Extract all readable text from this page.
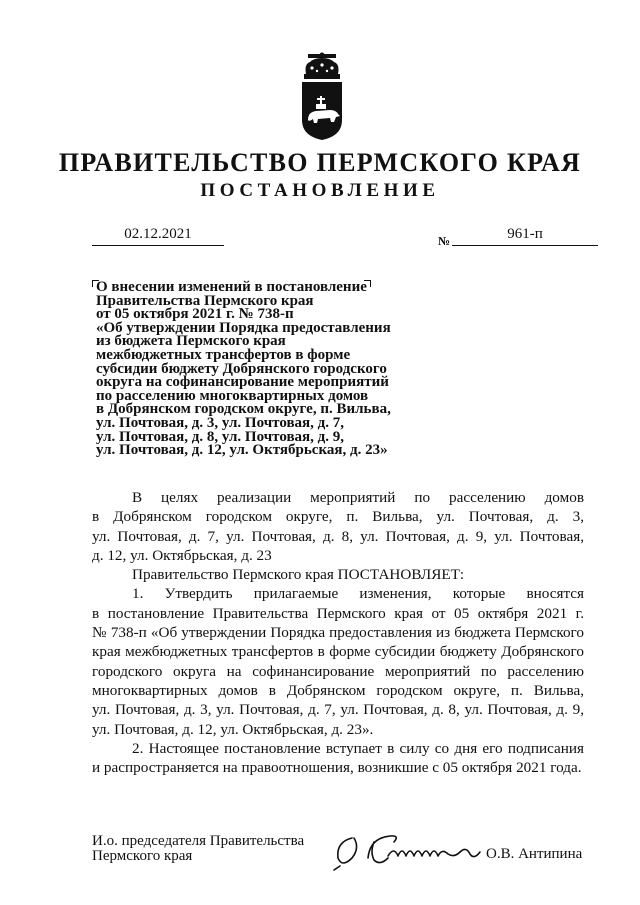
ПРАВИТЕЛЬСТВО ПЕРМСКОГО КРАЯ
ПОСТАНОВЛЕНИЕ
02.12.2021	№	961-п
О внесении изменений в постановление
Правительства Пермского края
от 05 октября 2021 г. № 738-п
«Об утверждении Порядка предоставления
из бюджета Пермского края
межбюджетных трансфертов в форме
субсидии бюджету Добрянского городского
округа на софинансирование мероприятий
по расселению многоквартирных домов
в Добрянском городском округе, п. Вильва,
ул. Почтовая, д. 3, ул. Почтовая, д. 7,
ул. Почтовая, д. 8, ул. Почтовая, д. 9,
ул. Почтовая, д. 12, ул. Октябрьская, д. 23»

В целях реализации мероприятий по расселению домов

в Добрянском городском округе, п. Вильва, ул. Почтовая, д. 3,

ул. Почтовая, д. 7, ул. Почтовая, д. 8, ул. Почтовая, д. 9, ул. Почтовая,

д. 12, ул. Октябрьская, д. 23

Правительство Пермского края ПОСТАНОВЛЯЕТ:

1. Утвердить прилагаемые изменения, которые вносятся

в постановление Правительства Пермского края от 05 октября 2021 г.

№ 738-п «Об утверждении Порядка предоставления из бюджета Пермского

края межбюджетных трансфертов в форме субсидии бюджету Добрянского

городского округа на софинансирование мероприятий по расселению

многоквартирных домов в Добрянском городском округе, п. Вильва,

ул. Почтовая, д. 3, ул. Почтовая, д. 7, ул. Почтовая, д. 8, ул. Почтовая, д. 9,

ул. Почтовая, д. 12, ул. Октябрьская, д. 23».

2. Настоящее постановление вступает в силу со дня его подписания

и распространяется на правоотношения, возникшие с 05 октября 2021 года.

И.о. председателя Правительства
Пермского края	О.В. Антипина
